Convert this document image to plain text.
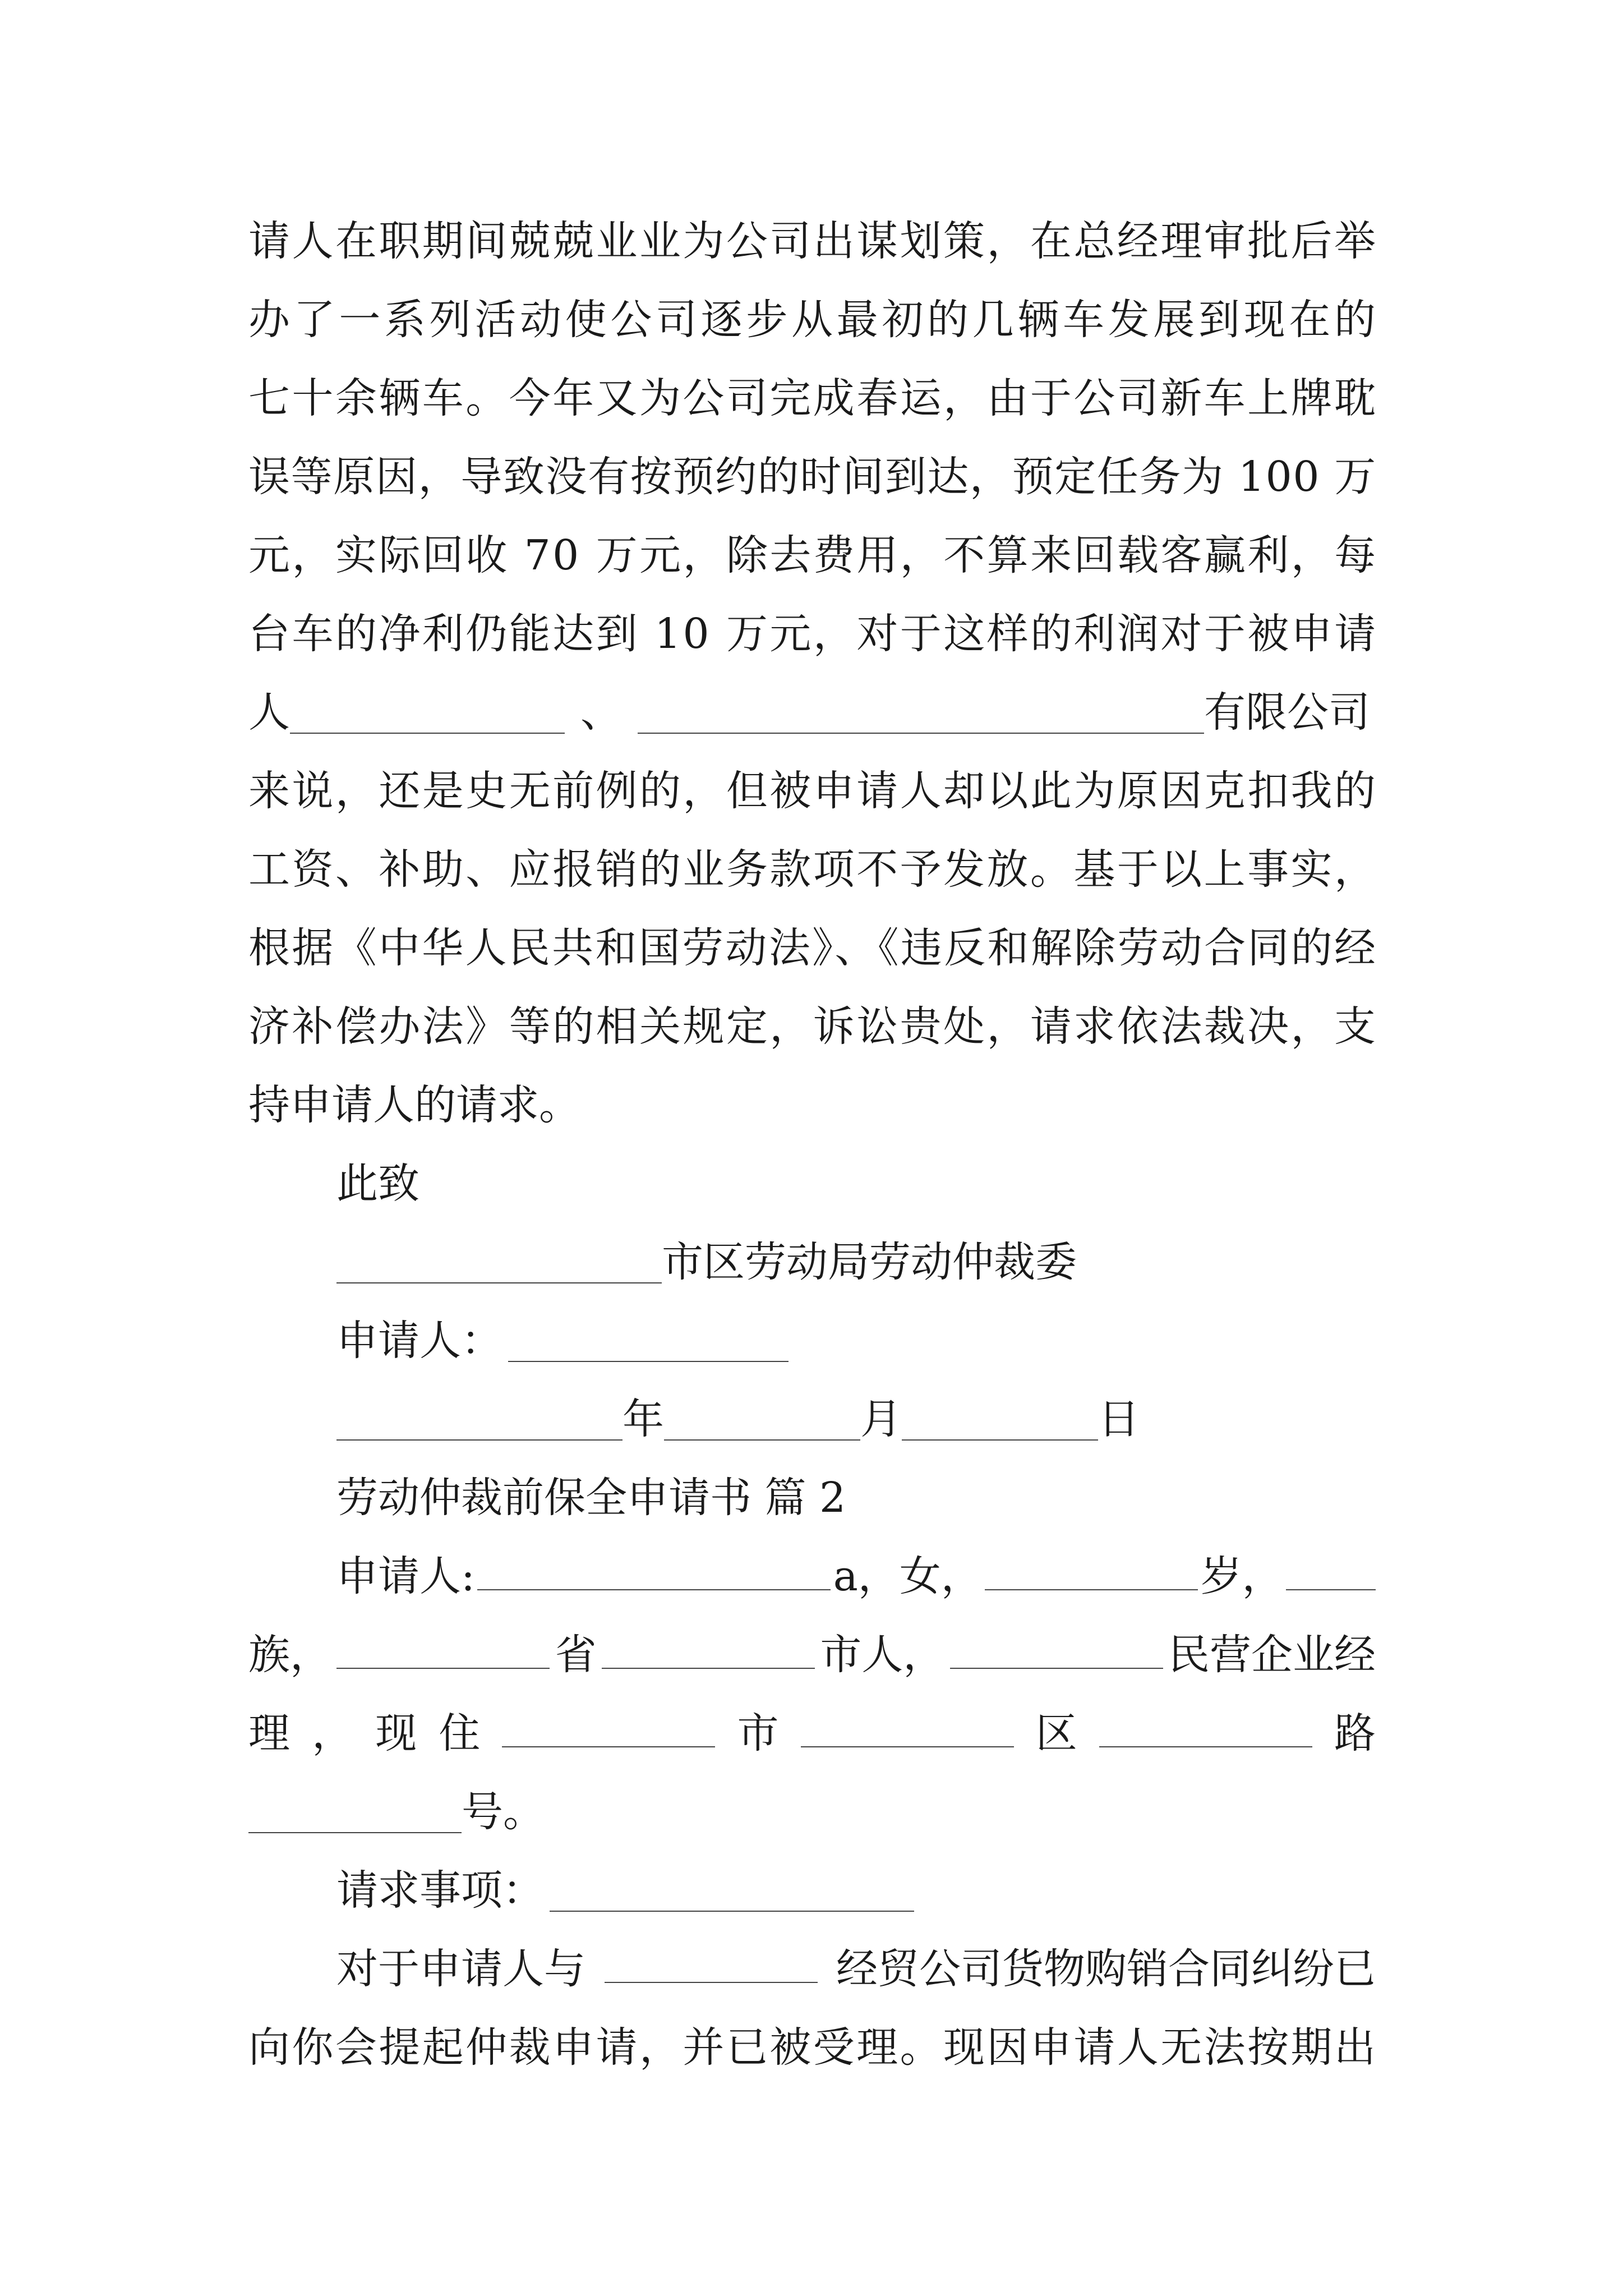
请人在职期间兢兢业业为公司出谋划策，在总经理审批后举
办了一系列活动使公司逐步从最初的几辆车发展到现在的
七十余辆车。今年又为公司完成春运，由于公司新车上牌耽
误等原因，导致没有按预约的时间到达，预定任务为 100 万
元，实际回收 70 万元，除去费用，不算来回载客赢利，每
台车的净利仍能达到 10 万元，对于这样的利润对于被申请
人	、	有限公司
来说，还是史无前例的，但被申请人却以此为原因克扣我的
工资、补助、应报销的业务款项不予发放。基于以上事实，
根据《中华人民共和国劳动法》、《违反和解除劳动合同的经
济补偿办法》等的相关规定，诉讼贵处，请求依法裁决，支
持申请人的请求。
此致
市区劳动局劳动仲裁委
申请人：
年	月	日
劳动仲裁前保全申请书 篇 2
申请人:	a，女，	岁，
族，	省	市人，	民营企业经
理 ， 现 住	市	区	路
号。
请求事项：
对于申请人与	经贸公司货物购销合同纠纷已
向你会提起仲裁申请，并已被受理。现因申请人无法按期出
